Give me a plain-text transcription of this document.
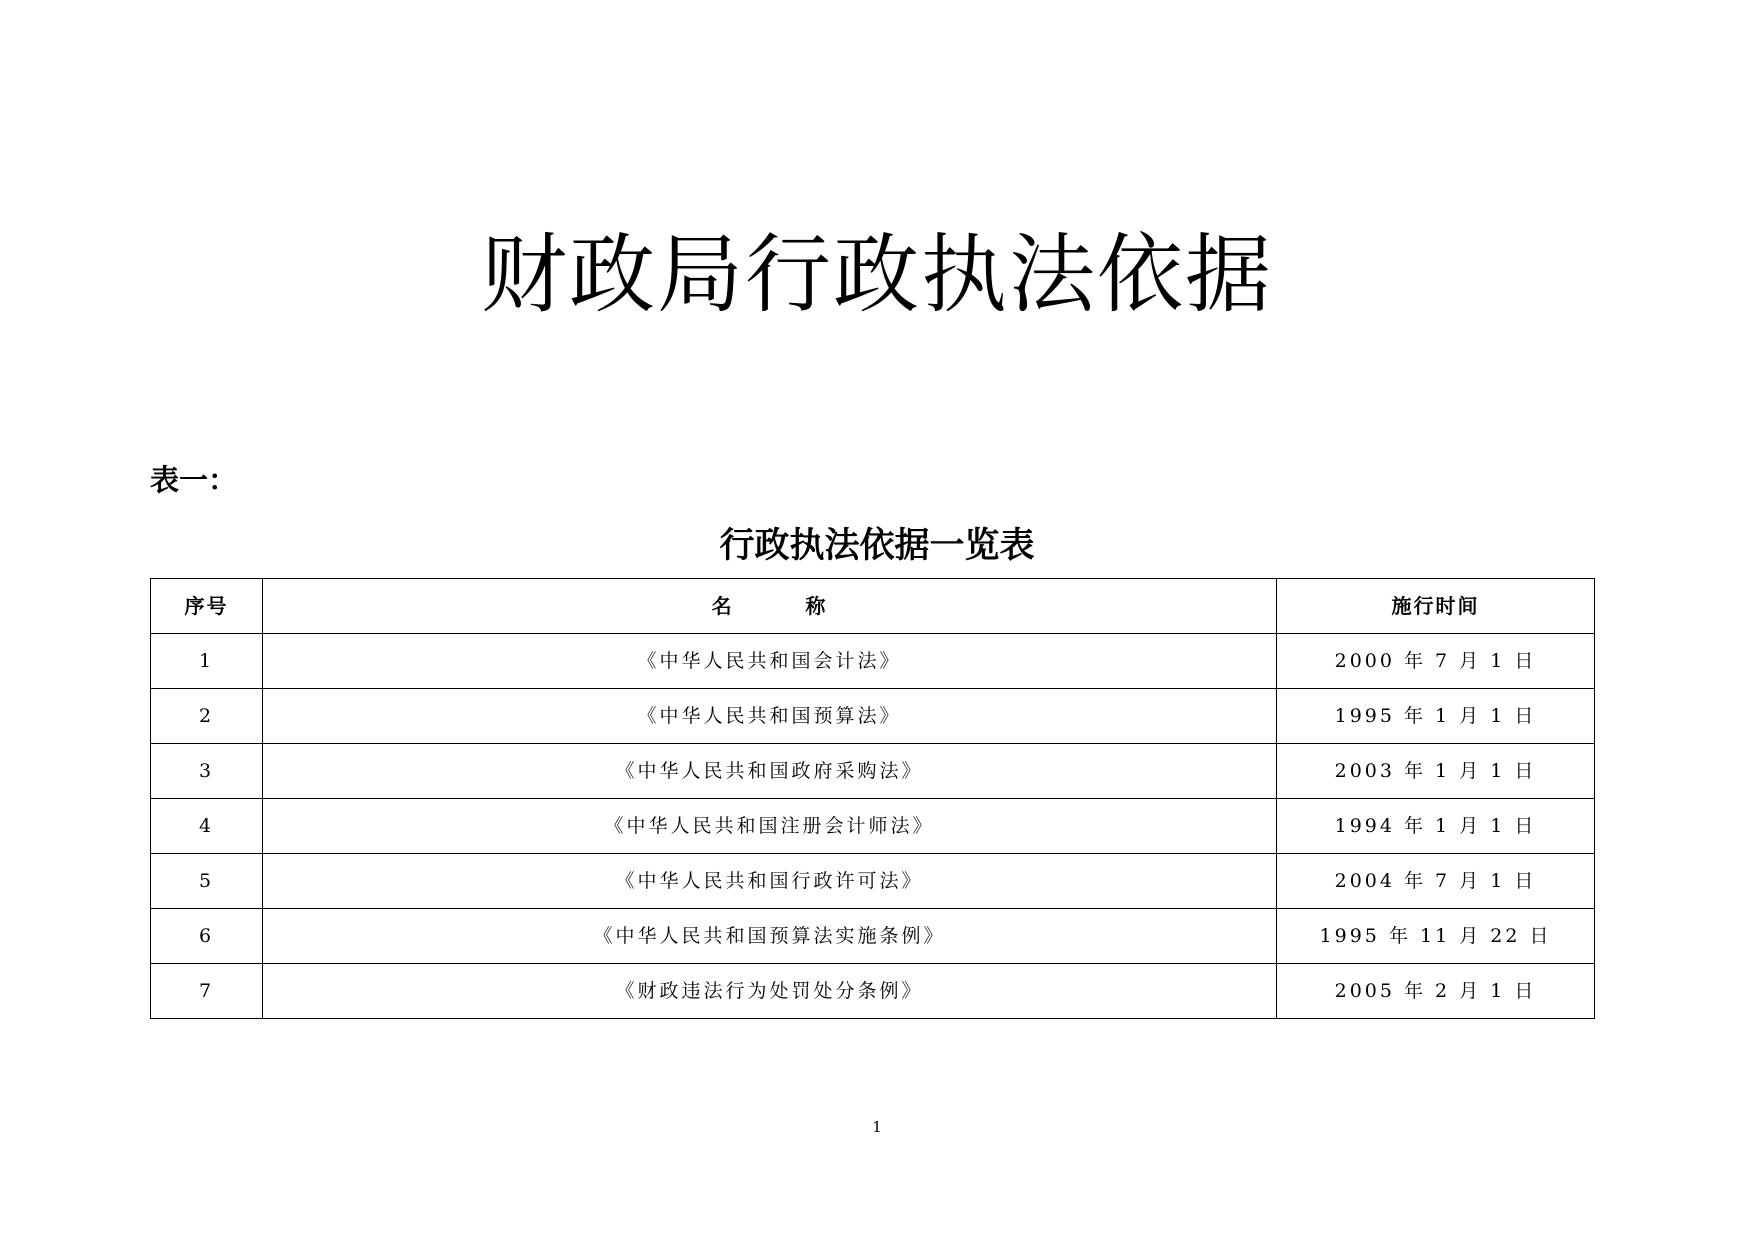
财政局行政执法依据
表一：
行政执法依据一览表
序号	名        称	施行时间
1	《中华人民共和国会计法》	2000 年 7 月 1 日
2	《中华人民共和国预算法》	1995 年 1 月 1 日
3	《中华人民共和国政府采购法》	2003 年 1 月 1 日
4	《中华人民共和国注册会计师法》	1994 年 1 月 1 日
5	《中华人民共和国行政许可法》	2004 年 7 月 1 日
6	《中华人民共和国预算法实施条例》	1995 年 11 月 22 日
7	《财政违法行为处罚处分条例》	2005 年 2 月 1 日
1
